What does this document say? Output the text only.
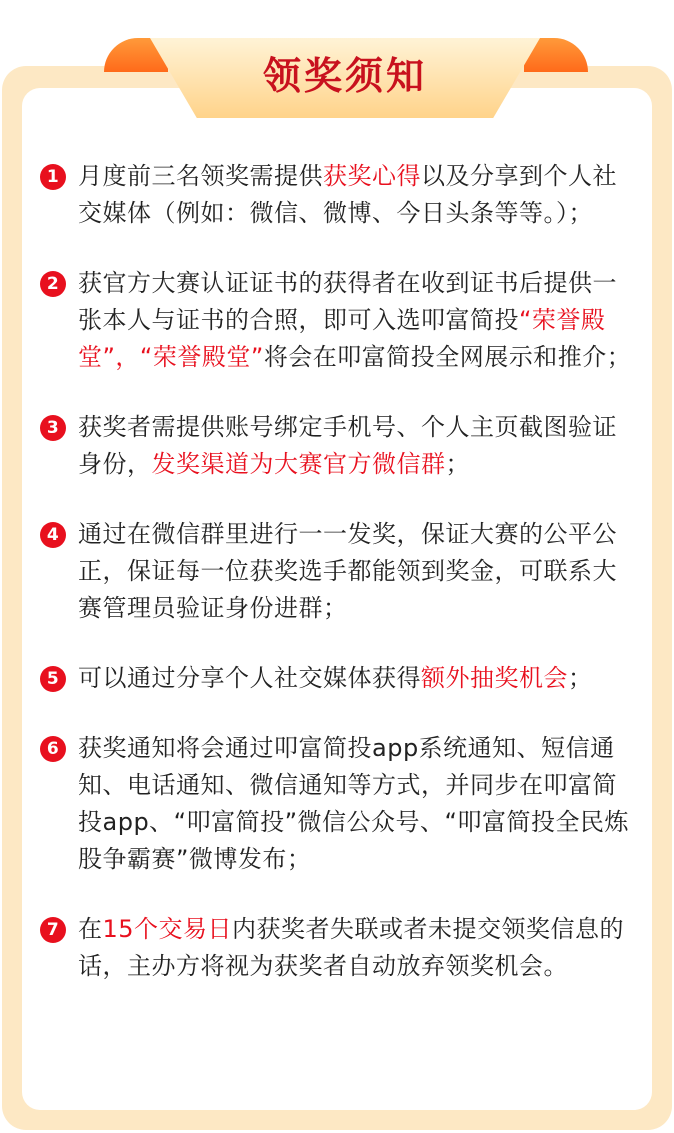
领奖须知
1 月度前三名领奖需提供获奖心得以及分享到个人社交媒体（例如：微信、微博、今日头条等等。）；
2 获官方大赛认证证书的获得者在收到证书后提供一张本人与证书的合照，即可入选叩富简投“荣誉殿堂”，“荣誉殿堂”将会在叩富简投全网展示和推介；
3 获奖者需提供账号绑定手机号、个人主页截图验证身份，发奖渠道为大赛官方微信群；
4 通过在微信群里进行一一发奖，保证大赛的公平公正，保证每一位获奖选手都能领到奖金，可联系大赛管理员验证身份进群；
5 可以通过分享个人社交媒体获得额外抽奖机会；
6 获奖通知将会通过叩富简投app系统通知、短信通知、电话通知、微信通知等方式，并同步在叩富简投app、“叩富简投”微信公众号、“叩富简投全民炼股争霸赛”微博发布；
7 在15个交易日内获奖者失联或者未提交领奖信息的话，主办方将视为获奖者自动放弃领奖机会。
